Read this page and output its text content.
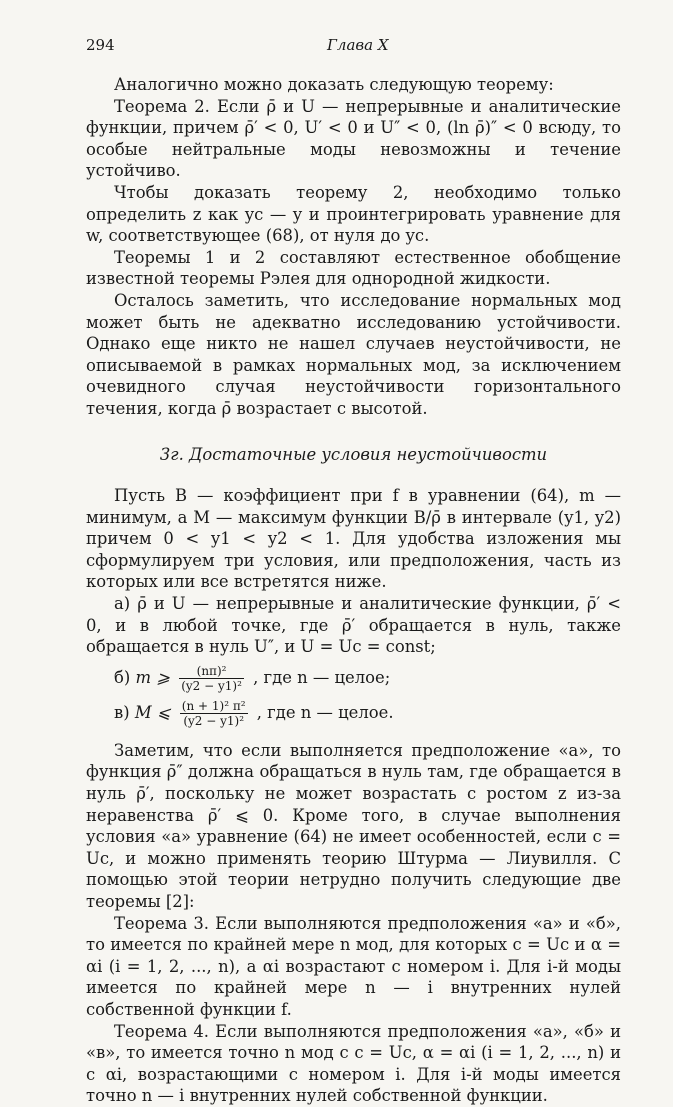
294	Глава X

Аналогично можно доказать следующую теорему:

Теорема 2. Если ρ̄ и U — непрерывные и аналитические функции, причем ρ̄′ < 0, U′ < 0 и U″ < 0, (ln ρ̄)″ < 0 всюду, то особые нейтральные моды невозможны и течение устойчиво.

Чтобы доказать теорему 2, необходимо только определить z как yc — y и проинтегрировать уравнение для w, соответствующее (68), от нуля до yc.

Теоремы 1 и 2 составляют естественное обобщение известной теоремы Рэлея для однородной жидкости.

Осталось заметить, что исследование нормальных мод может быть не адекватно исследованию устойчивости. Однако еще никто не нашел случаев неустойчивости, не описываемой в рамках нормальных мод, за исключением очевидного случая неустойчивости горизонтального течения, когда ρ̄ возрастает с высотой.

3г. Достаточные условия неустойчивости

Пусть B — коэффициент при f в уравнении (64), m — минимум, а M — максимум функции B/ρ̄ в интервале (y1, y2) причем 0 < y1 < y2 < 1. Для удобства изложения мы сформулируем три условия, или предположения, часть из которых или все встретятся ниже.

а) ρ̄ и U — непрерывные и аналитические функции, ρ̄′ < 0, и в любой точке, где ρ̄′ обращается в нуль, также обращается в нуль U″, и U = Uc = const;

б) m ⩾ $\frac{\text{(nπ)²}}{\text{(y2 − y1)²}}$ , где n — целое;
в) M ⩽ $\frac{\text{(n + 1)² π²}}{\text{(y2 − y1)²}}$ , где n — целое.

Заметим, что если выполняется предположение «а», то функция ρ̄″ должна обращаться в нуль там, где обращается в нуль ρ̄′, поскольку не может возрастать с ростом z из-за неравенства ρ̄′ ⩽ 0. Кроме того, в случае выполнения условия «а» уравнение (64) не имеет особенностей, если c = Uc, и можно применять теорию Штурма — Лиувилля. С помощью этой теории нетрудно получить следующие две теоремы [2]:

Теорема 3. Если выполняются предположения «а» и «б», то имеется по крайней мере n мод, для которых c = Uc и α = αi (i = 1, 2, ..., n), а αi возрастают с номером i. Для i-й моды имеется по крайней мере n — i внутренних нулей собственной функции f.

Теорема 4. Если выполняются предположения «а», «б» и «в», то имеется точно n мод с c = Uc, α = αi (i = 1, 2, ..., n) и с αi, возрастающими с номером i. Для i-й моды имеется точно n — i внутренних нулей собственной функции.
